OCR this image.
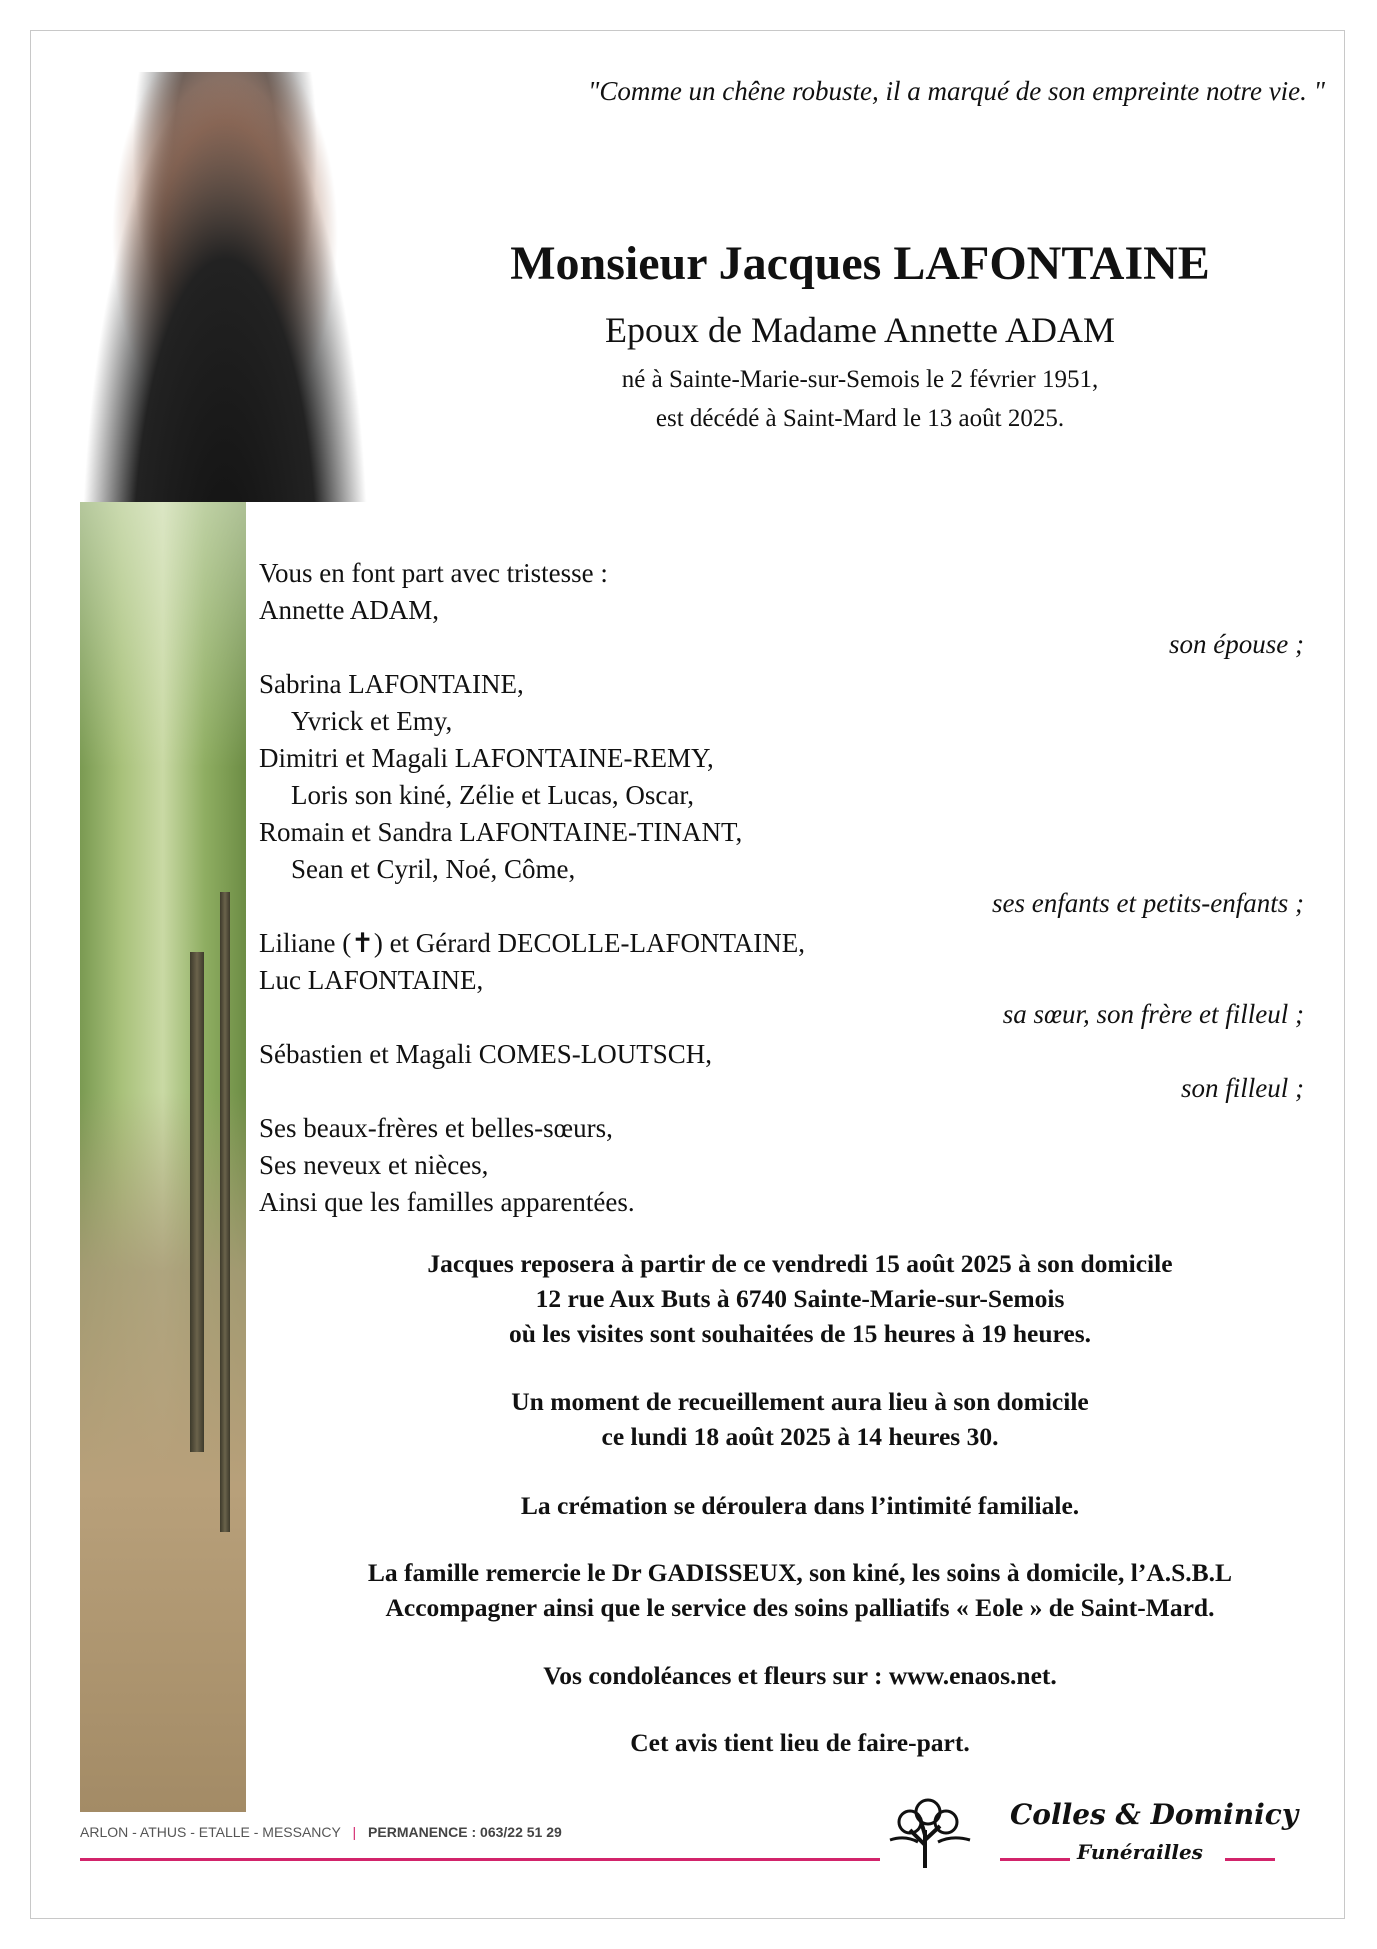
"Comme un chêne robuste, il a marqué de son empreinte notre vie. "
Monsieur Jacques LAFONTAINE
Epoux de Madame Annette ADAM
né à Sainte-Marie-sur-Semois le 2 février 1951,
est décédé à Saint-Mard le 13 août 2025.
Vous en font part avec tristesse :
Annette ADAM,
son épouse ;
Sabrina LAFONTAINE,
Yvrick et Emy,
Dimitri et Magali LAFONTAINE-REMY,
Loris son kiné, Zélie et Lucas, Oscar,
Romain et Sandra LAFONTAINE-TINANT,
Sean et Cyril, Noé, Côme,
ses enfants et petits-enfants ;
Liliane (✝) et Gérard DECOLLE-LAFONTAINE,
Luc LAFONTAINE,
sa sœur, son frère et filleul ;
Sébastien et Magali COMES-LOUTSCH,
son filleul ;
Ses beaux-frères et belles-sœurs,
Ses neveux et nièces,
Ainsi que les familles apparentées.
Jacques reposera à partir de ce vendredi 15 août 2025 à son domicile
12 rue Aux Buts à 6740 Sainte-Marie-sur-Semois
où les visites sont souhaitées de 15 heures à 19 heures.
Un moment de recueillement aura lieu à son domicile
ce lundi 18 août 2025 à 14 heures 30.
La crémation se déroulera dans l’intimité familiale.
La famille remercie le Dr GADISSEUX, son kiné, les soins à domicile, l’A.S.B.L
Accompagner ainsi que le service des soins palliatifs « Eole » de Saint-Mard.
Vos condoléances et fleurs sur : www.enaos.net.
Cet avis tient lieu de faire-part.
ARLON - ATHUS - ETALLE - MESSANCY | PERMANENCE : 063/22 51 29
Colles & Dominicy
Funérailles
